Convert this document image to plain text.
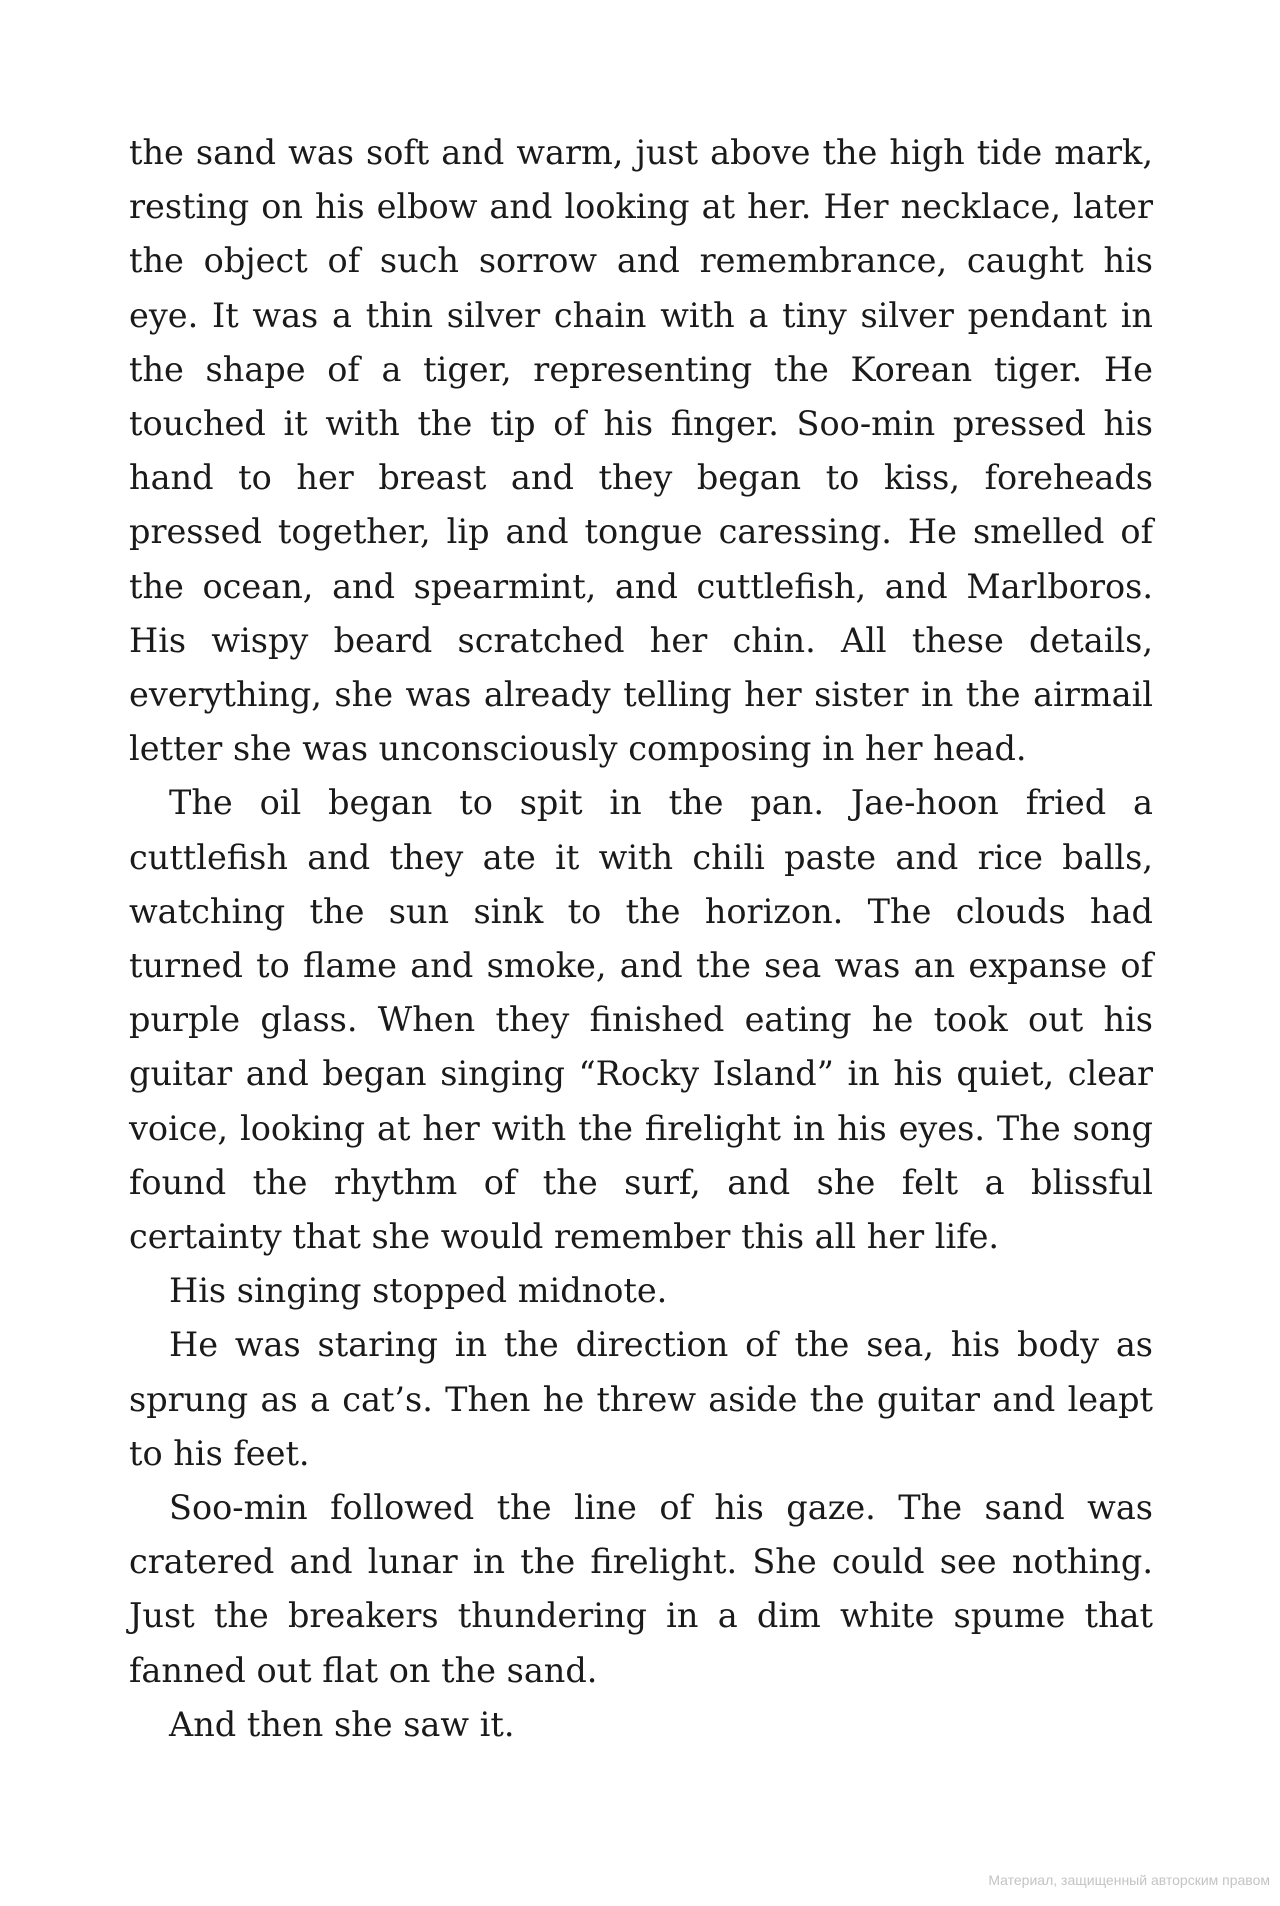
the sand was soft and warm, just above the high tide mark, resting on his elbow and looking at her. Her necklace, later the object of such sorrow and remembrance, caught his eye. It was a thin silver chain with a tiny silver pendant in the shape of a tiger, representing the Korean tiger. He touched it with the tip of his finger. Soo-min pressed his hand to her breast and they began to kiss, foreheads pressed together, lip and tongue caressing. He smelled of the ocean, and spearmint, and cuttlefish, and Marlboros. His wispy beard scratched her chin. All these details, everything, she was already telling her sister in the airmail letter she was unconsciously composing in her head.

The oil began to spit in the pan. Jae-hoon fried a cuttlefish and they ate it with chili paste and rice balls, watching the sun sink to the horizon. The clouds had turned to flame and smoke, and the sea was an expanse of purple glass. When they finished eating he took out his guitar and began singing “Rocky Island” in his quiet, clear voice, looking at her with the firelight in his eyes. The song found the rhythm of the surf, and she felt a blissful certainty that she would remember this all her life.

His singing stopped midnote.

He was staring in the direction of the sea, his body as sprung as a cat’s. Then he threw aside the guitar and leapt to his feet.

Soo-min followed the line of his gaze. The sand was cratered and lunar in the firelight. She could see nothing. Just the breakers thundering in a dim white spume that fanned out flat on the sand.

And then she saw it.

Материал, защищенный авторским правом
